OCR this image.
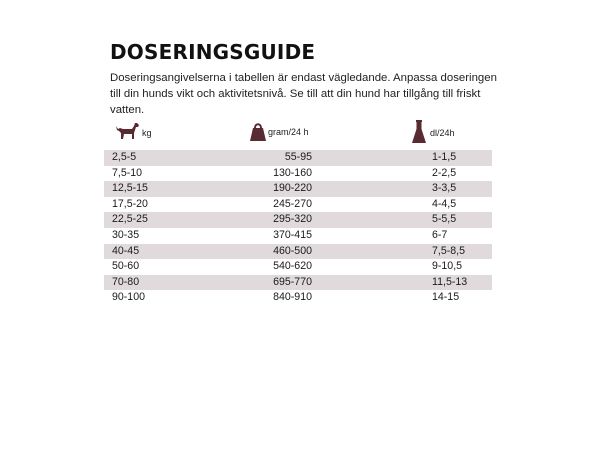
DOSERINGSGUIDE

Doseringsangivelserna i tabellen är endast vägledande. Anpassa doseringen till din hunds vikt och aktivitetsnivå. Se till att din hund har tillgång till friskt vatten.

kg	gram/24 h	dl/24h
2,5-5	55-95	1-1,5
7,5-10	130-160	2-2,5
12,5-15	190-220	3-3,5
17,5-20	245-270	4-4,5
22,5-25	295-320	5-5,5
30-35	370-415	6-7
40-45	460-500	7,5-8,5
50-60	540-620	9-10,5
70-80	695-770	11,5-13
90-100	840-910	14-15
